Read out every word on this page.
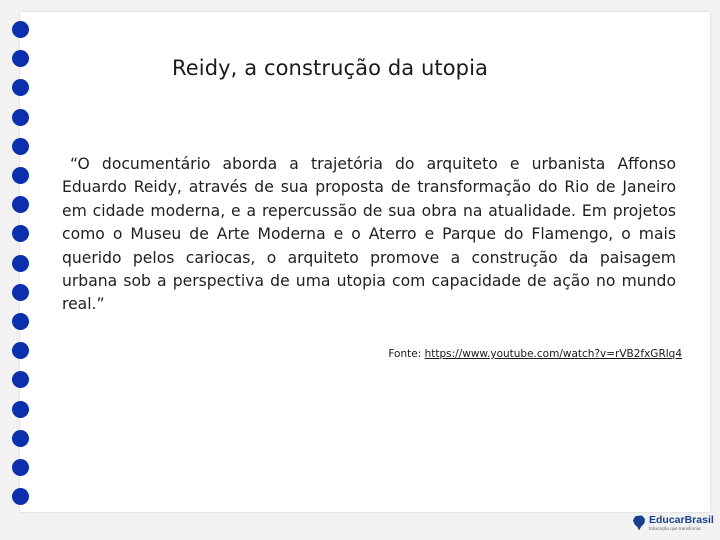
Reidy, a construção da utopia
“O documentário aborda a trajetória do arquiteto e urbanista Affonso Eduardo Reidy, através de sua proposta de transformação do Rio de Janeiro em cidade moderna, e a repercussão de sua obra na atualidade. Em projetos como o Museu de Arte Moderna e o Aterro e Parque do Flamengo, o mais querido pelos cariocas, o arquiteto promove a construção da paisagem urbana sob a perspectiva de uma utopia com capacidade de ação no mundo real.”
Fonte: https://www.youtube.com/watch?v=rVB2fxGRlq4
EducarBrasil
Educação que transforma
